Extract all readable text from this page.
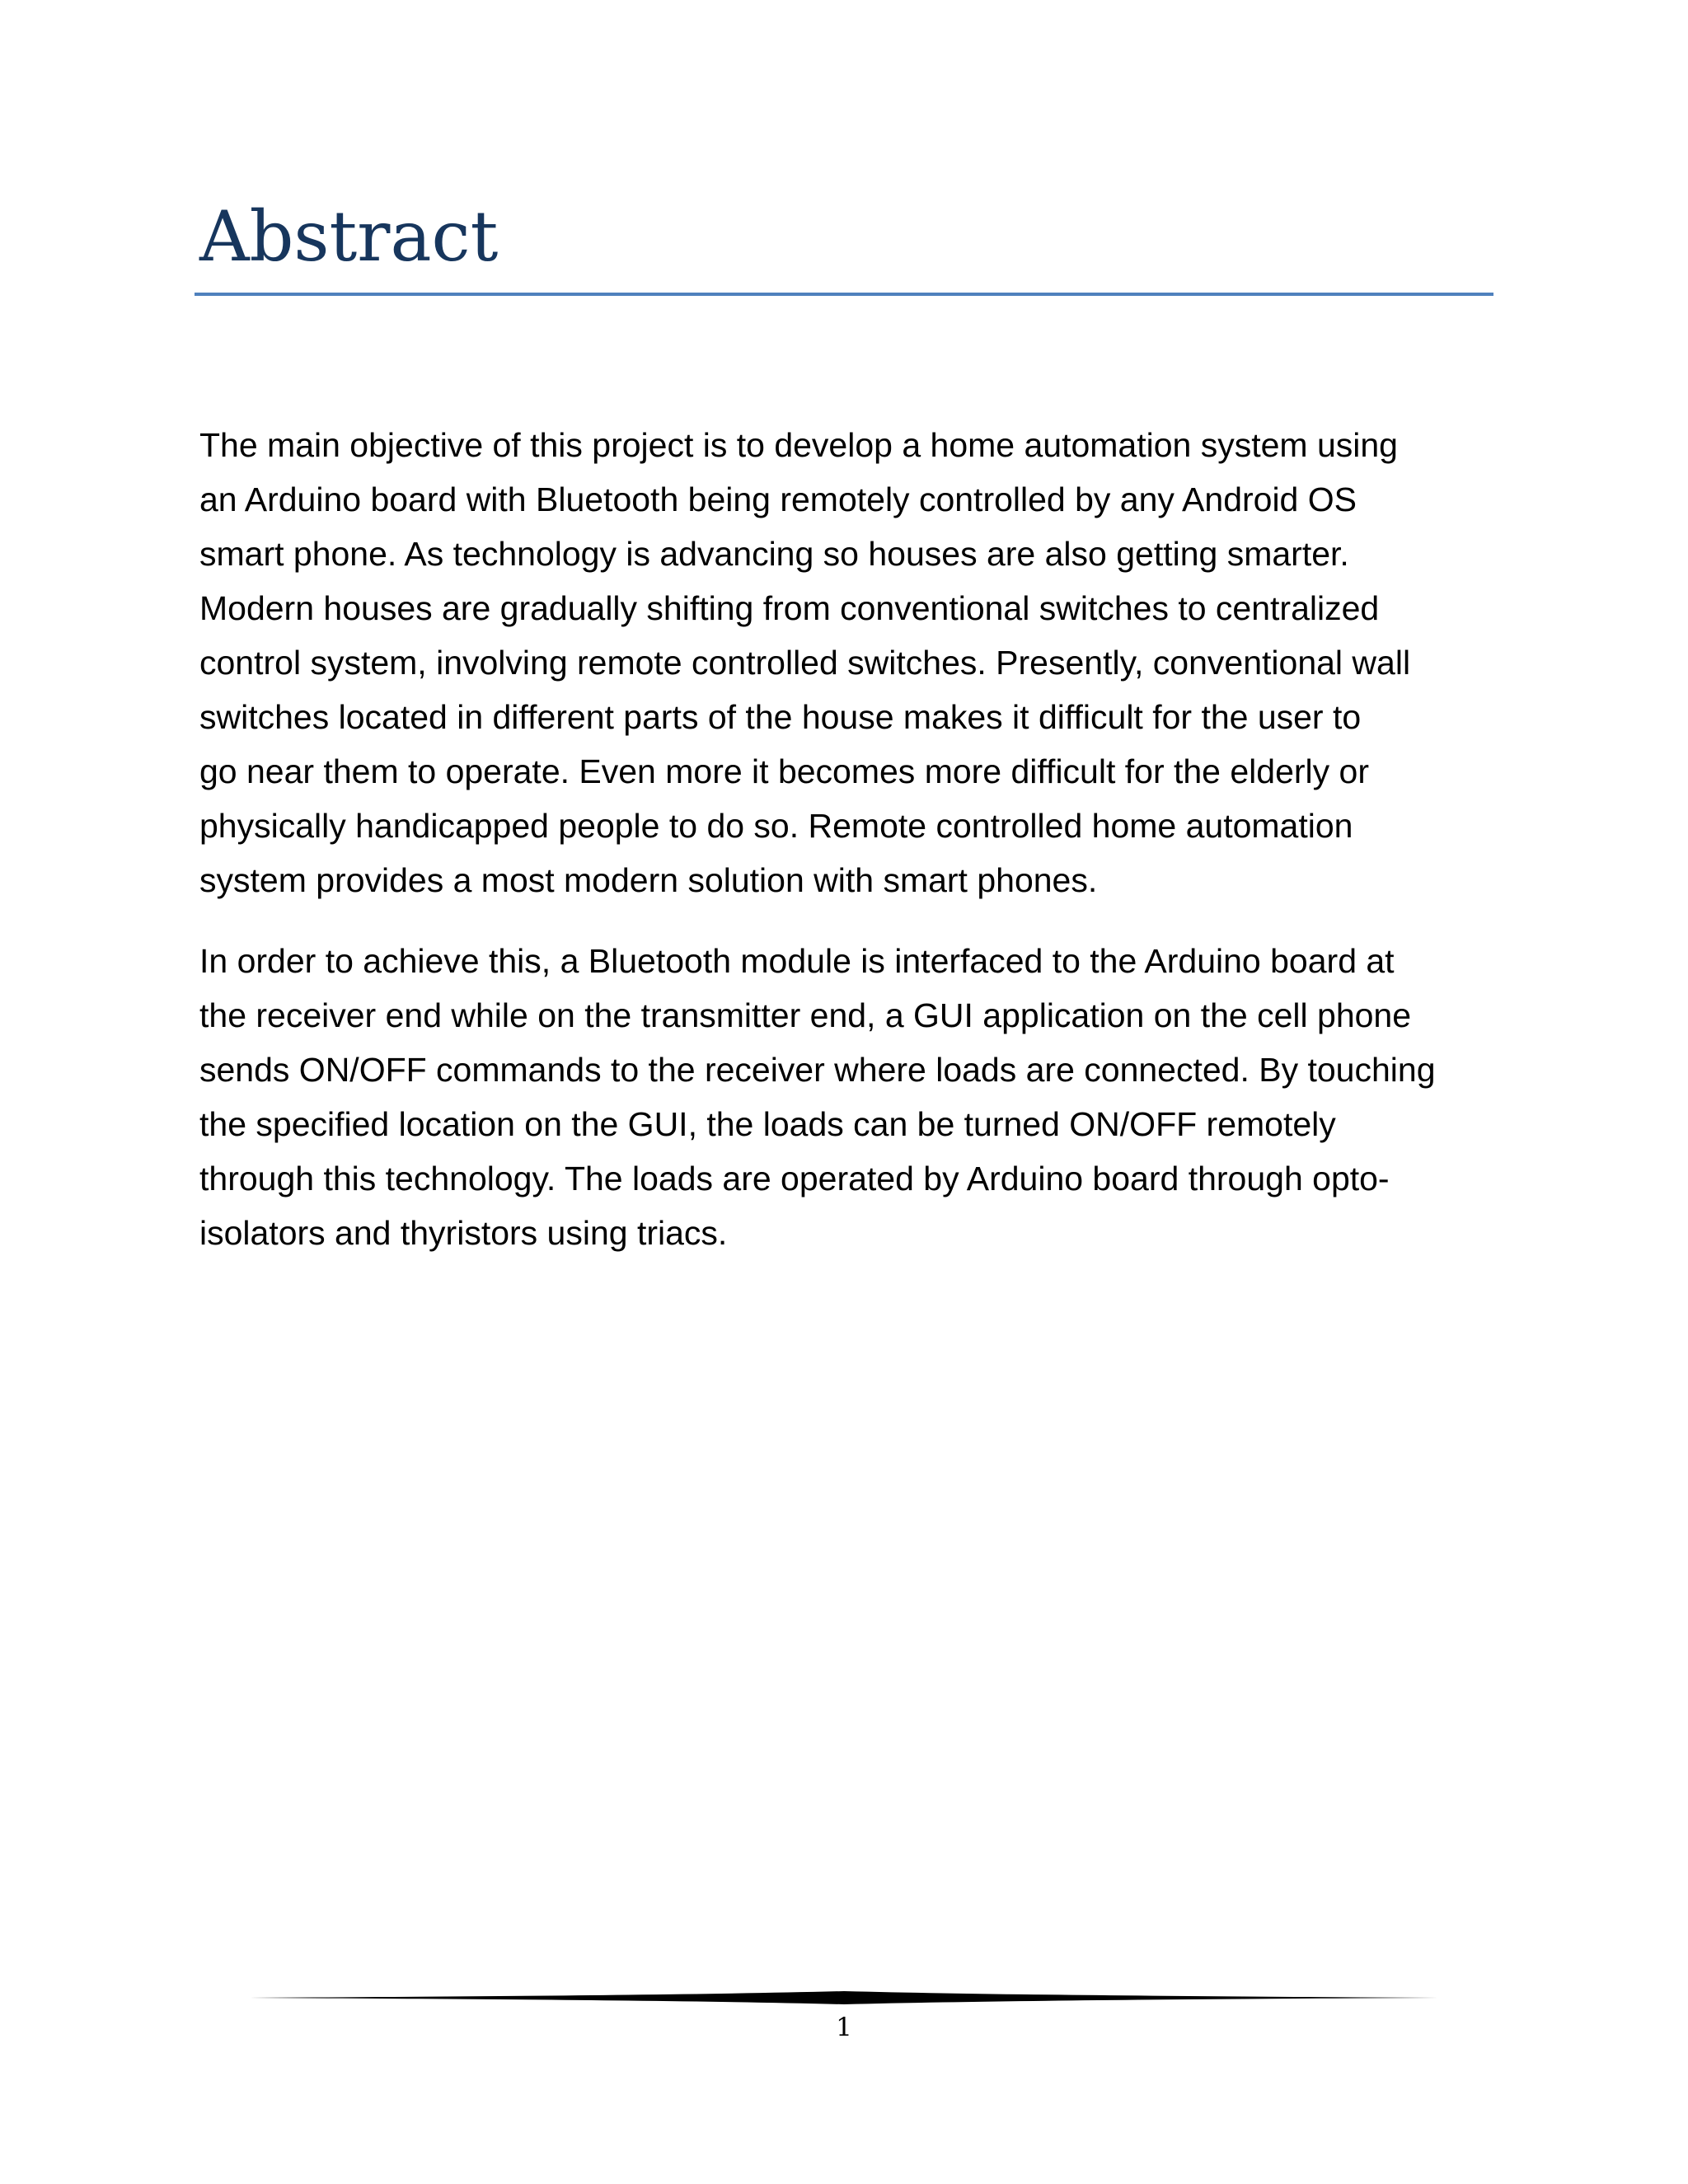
Abstract

The main objective of this project is to develop a home automation system using
an Arduino board with Bluetooth being remotely controlled by any Android OS
smart phone. As technology is advancing so houses are also getting smarter.
Modern houses are gradually shifting from conventional switches to centralized
control system, involving remote controlled switches. Presently, conventional wall
switches located in different parts of the house makes it difficult for the user to
go near them to operate. Even more it becomes more difficult for the elderly or
physically handicapped people to do so. Remote controlled home automation
system provides a most modern solution with smart phones.

In order to achieve this, a Bluetooth module is interfaced to the Arduino board at
the receiver end while on the transmitter end, a GUI application on the cell phone
sends ON/OFF commands to the receiver where loads are connected. By touching
the specified location on the GUI, the loads can be turned ON/OFF remotely
through this technology. The loads are operated by Arduino board through opto-
isolators and thyristors using triacs.

1
